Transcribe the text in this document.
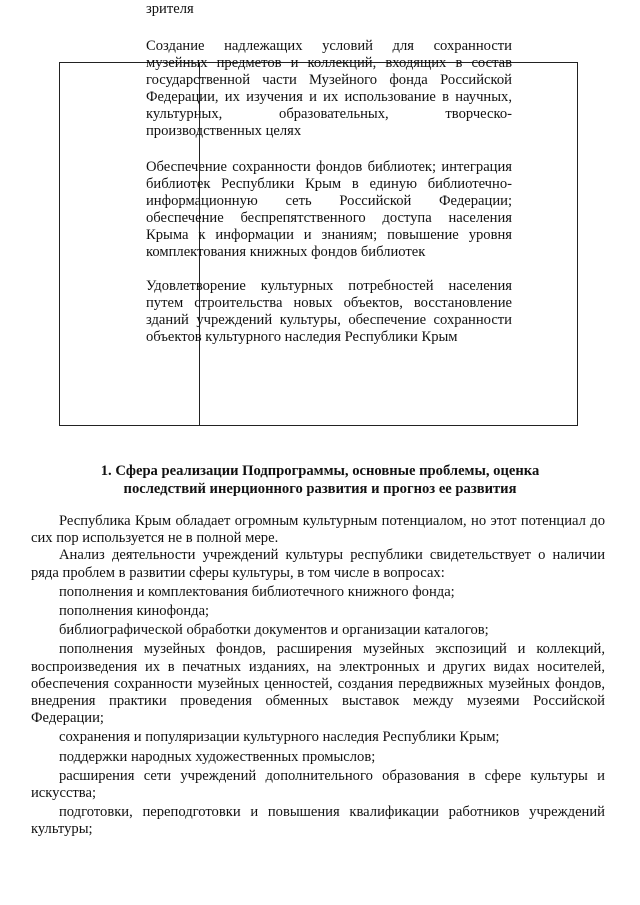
зрителя

Создание надлежащих условий для сохранности музейных предметов и коллекций, входящих в состав государственной части Музейного фонда Российской Федерации, их изучения и их использование в научных, культурных, образовательных, творческо-производственных целях

Обеспечение сохранности фондов библиотек; интеграция библиотек Республики Крым в единую библиотечно-информационную сеть Российской Федерации; обеспечение беспрепятственного доступа населения Крыма к информации и знаниям; повышение уровня комплектования книжных фондов библиотек

Удовлетворение культурных потребностей населения путем строительства новых объектов, восстановление зданий учреждений культуры, обеспечение сохранности объектов культурного наследия Республики Крым

1. Сфера реализации Подпрограммы, основные проблемы, оценка
последствий инерционного развития и прогноз ее развития

Республика Крым обладает огромным культурным потенциалом, но этот потенциал до сих пор используется не в полной мере.

Анализ деятельности учреждений культуры республики свидетельствует о наличии ряда проблем в развитии сферы культуры, в том числе в вопросах:

пополнения и комплектования библиотечного книжного фонда;

пополнения кинофонда;

библиографической обработки документов и организации каталогов;

пополнения музейных фондов, расширения музейных экспозиций и коллекций, воспроизведения их в печатных изданиях, на электронных и других видах носителей, обеспечения сохранности музейных ценностей, создания передвижных музейных фондов, внедрения практики проведения обменных выставок между музеями Российской Федерации;

сохранения и популяризации культурного наследия Республики Крым;

поддержки народных художественных промыслов;

расширения сети учреждений дополнительного образования в сфере культуры и искусства;

подготовки, переподготовки и повышения квалификации работников учреждений культуры;
